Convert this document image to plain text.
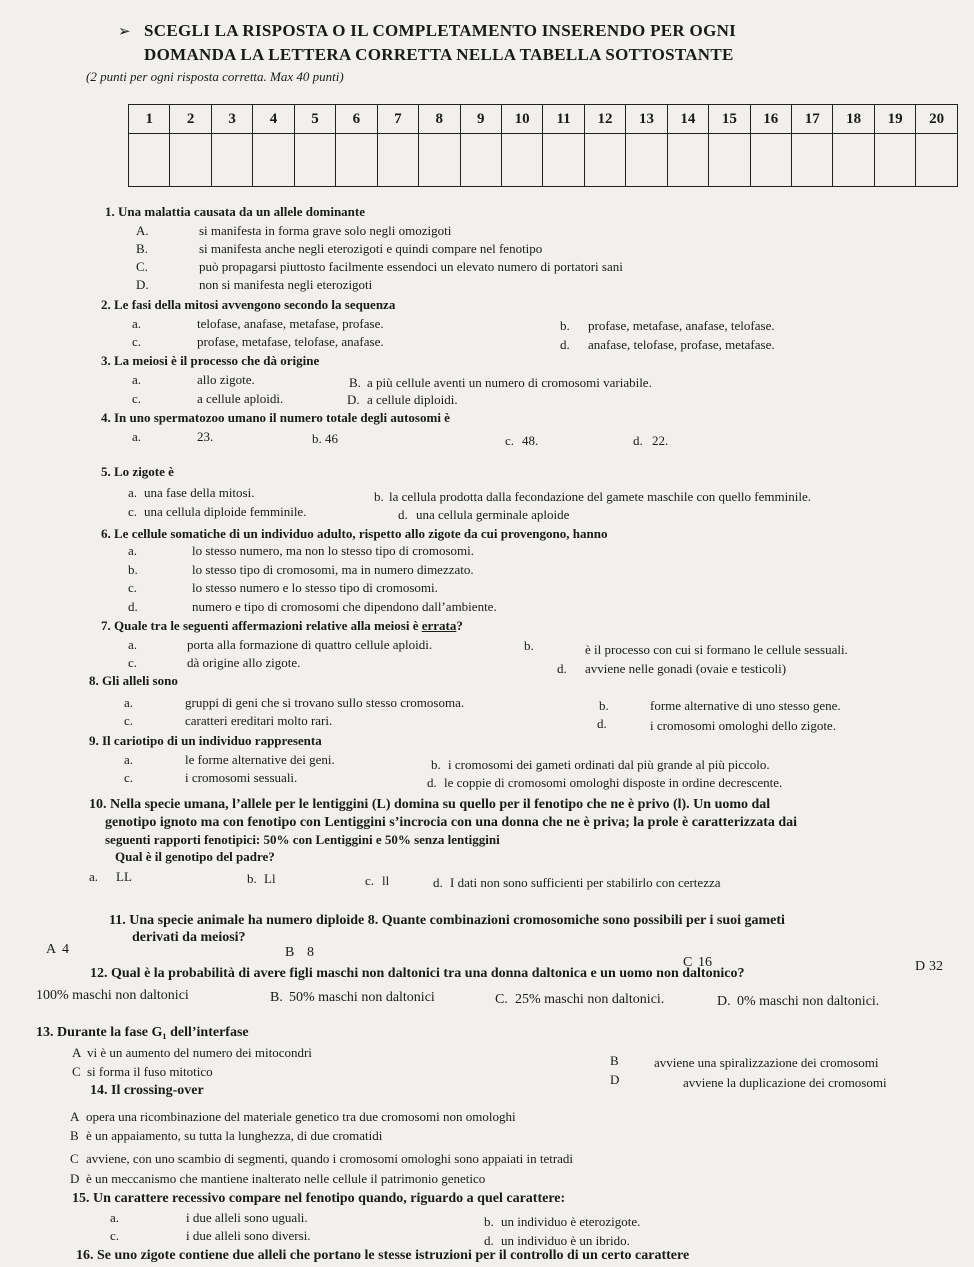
➢ SCEGLI LA RISPOSTA O IL COMPLETAMENTO INSERENDO PER OGNI
DOMANDA LA LETTERA CORRETTA NELLA TABELLA SOTTOSTANTE
(2 punti per ogni risposta corretta. Max 40 punti)
1	2	3	4	5	6	7	8	9	10	11	12	13	14	15	16	17	18	19	20

1. Una malattia causata da un allele dominante
A.	si manifesta in forma grave solo negli omozigoti
B.	si manifesta anche negli eterozigoti e quindi compare nel fenotipo
C.	può propagarsi piuttosto facilmente essendoci un elevato numero di portatori sani
D.	non si manifesta negli eterozigoti
2. Le fasi della mitosi avvengono secondo la sequenza
a.	telofase, anafase, metafase, profase.	b. profase, metafase, anafase, telofase.
c.	profase, metafase, telofase, anafase.	d. anafase, telofase, profase, metafase.
3. La meiosi è il processo che dà origine
a.	allo zigote.	B. a più cellule aventi un numero di cromosomi variabile.
c.	a cellule aploidi.	D. a cellule diploidi.
4. In uno spermatozoo umano il numero totale degli autosomi è
a.	23.	b. 46	c. 48.	d. 22.
5. Lo zigote è
a. una fase della mitosi.	b. la cellula prodotta dalla fecondazione del gamete maschile con quello femminile.
c. una cellula diploide femminile.	d. una cellula germinale aploide
6. Le cellule somatiche di un individuo adulto, rispetto allo zigote da cui provengono, hanno
a.	lo stesso numero, ma non lo stesso tipo di cromosomi.
b.	lo stesso tipo di cromosomi, ma in numero dimezzato.
c.	lo stesso numero e lo stesso tipo di cromosomi.
d.	numero e tipo di cromosomi che dipendono dall’ambiente.
7. Quale tra le seguenti affermazioni relative alla meiosi è errata?
a.	porta alla formazione di quattro cellule aploidi.	b.	è il processo con cui si formano le cellule sessuali.
c.	dà origine allo zigote.	d. avviene nelle gonadi (ovaie e testicoli)
8. Gli alleli sono
a.	gruppi di geni che si trovano sullo stesso cromosoma.	b.	forme alternative di uno stesso gene.
c.	caratteri ereditari molto rari.	d.	i cromosomi omologhi dello zigote.
9. Il cariotipo di un individuo rappresenta
a.	le forme alternative dei geni.	b. i cromosomi dei gameti ordinati dal più grande al più piccolo.
c.	i cromosomi sessuali.	d. le coppie di cromosomi omologhi disposte in ordine decrescente.
10. Nella specie umana, l’allele per le lentiggini (L) domina su quello per il fenotipo che ne è privo (l). Un uomo dal
genotipo ignoto ma con fenotipo con Lentiggini s’incrocia con una donna che ne è priva; la prole è caratterizzata dai
seguenti rapporti fenotipici: 50% con Lentiggini e 50% senza lentiggini
Qual è il genotipo del padre?
a. LL	b. Ll	c. ll	d. I dati non sono sufficienti per stabilirlo con certezza
11. Una specie animale ha numero diploide 8. Quante combinazioni cromosomiche sono possibili per i suoi gameti
derivati da meiosi?
A 4	B 8
C 16	D 32
12. Qual è la probabilità di avere figli maschi non daltonici tra una donna daltonica e un uomo non daltonico?
100% maschi non daltonici	B. 50% maschi non daltonici	C. 25% maschi non daltonici.	D. 0% maschi non daltonici.
13. Durante la fase G₁ dell’interfase
A vi è un aumento del numero dei mitocondri
B	avviene una spiralizzazione dei cromosomi
C si forma il fuso mitotico
D	avviene la duplicazione dei cromosomi
14. Il crossing-over
A opera una ricombinazione del materiale genetico tra due cromosomi non omologhi
B è un appaiamento, su tutta la lunghezza, di due cromatidi
C avviene, con uno scambio di segmenti, quando i cromosomi omologhi sono appaiati in tetradi
D è un meccanismo che mantiene inalterato nelle cellule il patrimonio genetico
15. Un carattere recessivo compare nel fenotipo quando, riguardo a quel carattere:
a.	i due alleli sono uguali.	b. un individuo è eterozigote.
c.	i due alleli sono diversi.	d. un individuo è un ibrido.
16. Se uno zigote contiene due alleli che portano le stesse istruzioni per il controllo di un certo carattere
